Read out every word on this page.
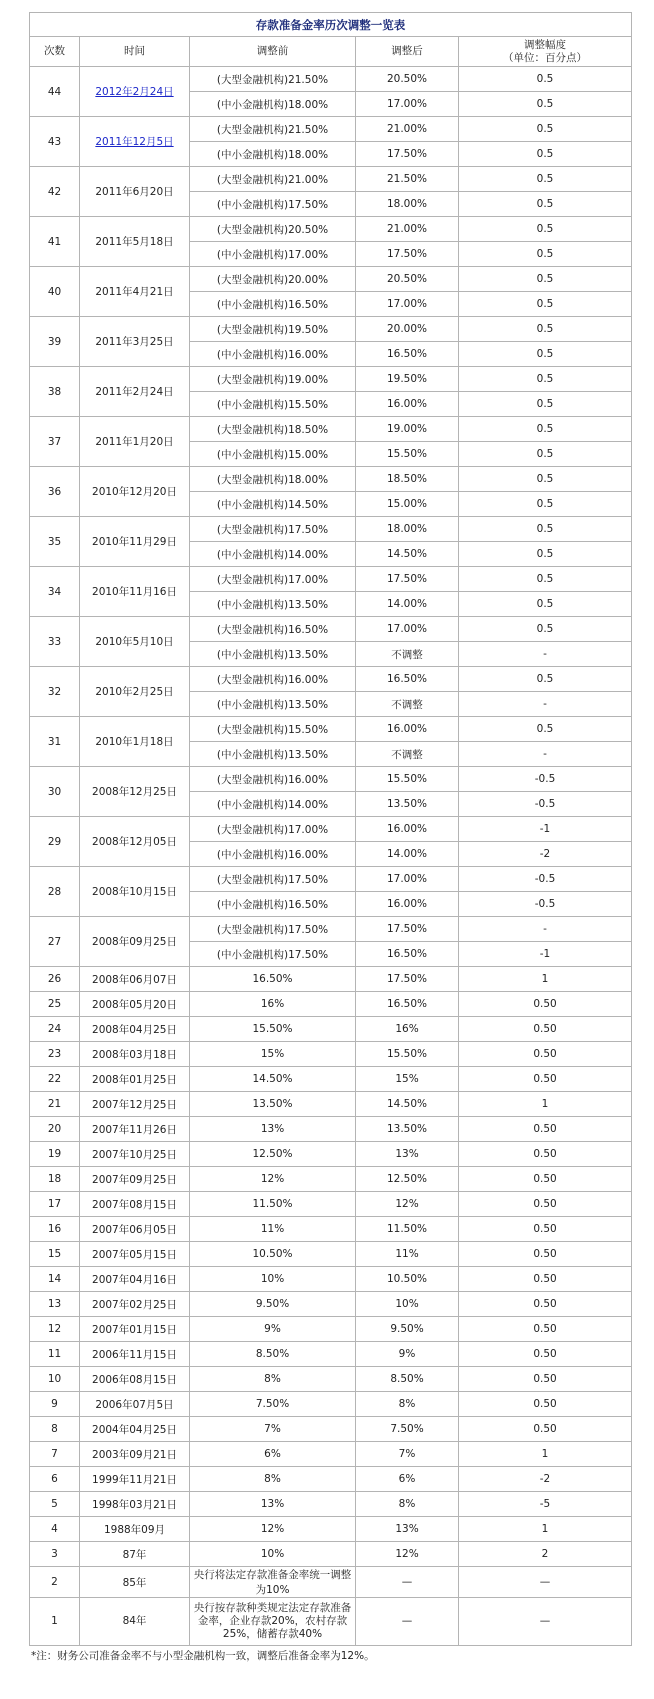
存款准备金率历次调整一览表				
次数	时间	调整前	调整后	调整幅度
（单位：百分点）
44	2012年2月24日	(大型金融机构)21.50%	20.50%	0.5
		(中小金融机构)18.00%	17.00%	0.5
43	2011年12月5日	(大型金融机构)21.50%	21.00%	0.5
		(中小金融机构)18.00%	17.50%	0.5
42	2011年6月20日	(大型金融机构)21.00%	21.50%	0.5
		(中小金融机构)17.50%	18.00%	0.5
41	2011年5月18日	(大型金融机构)20.50%	21.00%	0.5
		(中小金融机构)17.00%	17.50%	0.5
40	2011年4月21日	(大型金融机构)20.00%	20.50%	0.5
		(中小金融机构)16.50%	17.00%	0.5
39	2011年3月25日	(大型金融机构)19.50%	20.00%	0.5
		(中小金融机构)16.00%	16.50%	0.5
38	2011年2月24日	(大型金融机构)19.00%	19.50%	0.5
		(中小金融机构)15.50%	16.00%	0.5
37	2011年1月20日	(大型金融机构)18.50%	19.00%	0.5
		(中小金融机构)15.00%	15.50%	0.5
36	2010年12月20日	(大型金融机构)18.00%	18.50%	0.5
		(中小金融机构)14.50%	15.00%	0.5
35	2010年11月29日	(大型金融机构)17.50%	18.00%	0.5
		(中小金融机构)14.00%	14.50%	0.5
34	2010年11月16日	(大型金融机构)17.00%	17.50%	0.5
		(中小金融机构)13.50%	14.00%	0.5
33	2010年5月10日	(大型金融机构)16.50%	17.00%	0.5
		(中小金融机构)13.50%	不调整	-
32	2010年2月25日	(大型金融机构)16.00%	16.50%	0.5
		(中小金融机构)13.50%	不调整	-
31	2010年1月18日	(大型金融机构)15.50%	16.00%	0.5
		(中小金融机构)13.50%	不调整	-
30	2008年12月25日	(大型金融机构)16.00%	15.50%	-0.5
		(中小金融机构)14.00%	13.50%	-0.5
29	2008年12月05日	(大型金融机构)17.00%	16.00%	-1
		(中小金融机构)16.00%	14.00%	-2
28	2008年10月15日	(大型金融机构)17.50%	17.00%	-0.5
		(中小金融机构)16.50%	16.00%	-0.5
27	2008年09月25日	(大型金融机构)17.50%	17.50%	-
		(中小金融机构)17.50%	16.50%	-1
26	2008年06月07日	16.50%	17.50%	1
25	2008年05月20日	16%	16.50%	0.50
24	2008年04月25日	15.50%	16%	0.50
23	2008年03月18日	15%	15.50%	0.50
22	2008年01月25日	14.50%	15%	0.50
21	2007年12月25日	13.50%	14.50%	1
20	2007年11月26日	13%	13.50%	0.50
19	2007年10月25日	12.50%	13%	0.50
18	2007年09月25日	12%	12.50%	0.50
17	2007年08月15日	11.50%	12%	0.50
16	2007年06月05日	11%	11.50%	0.50
15	2007年05月15日	10.50%	11%	0.50
14	2007年04月16日	10%	10.50%	0.50
13	2007年02月25日	9.50%	10%	0.50
12	2007年01月15日	9%	9.50%	0.50
11	2006年11月15日	8.50%	9%	0.50
10	2006年08月15日	8%	8.50%	0.50
9	2006年07月5日	7.50%	8%	0.50
8	2004年04月25日	7%	7.50%	0.50
7	2003年09月21日	6%	7%	1
6	1999年11月21日	8%	6%	-2
5	1998年03月21日	13%	8%	-5
4	1988年09月	12%	13%	1
3	87年	10%	12%	2
2	85年	央行将法定存款准备金率统一调整为10%	—	—
1	84年	央行按存款种类规定法定存款准备金率，企业存款20%，农村存款25%，储蓄存款40%	—	—
*注：财务公司准备金率不与小型金融机构一致，调整后准备金率为12%。
